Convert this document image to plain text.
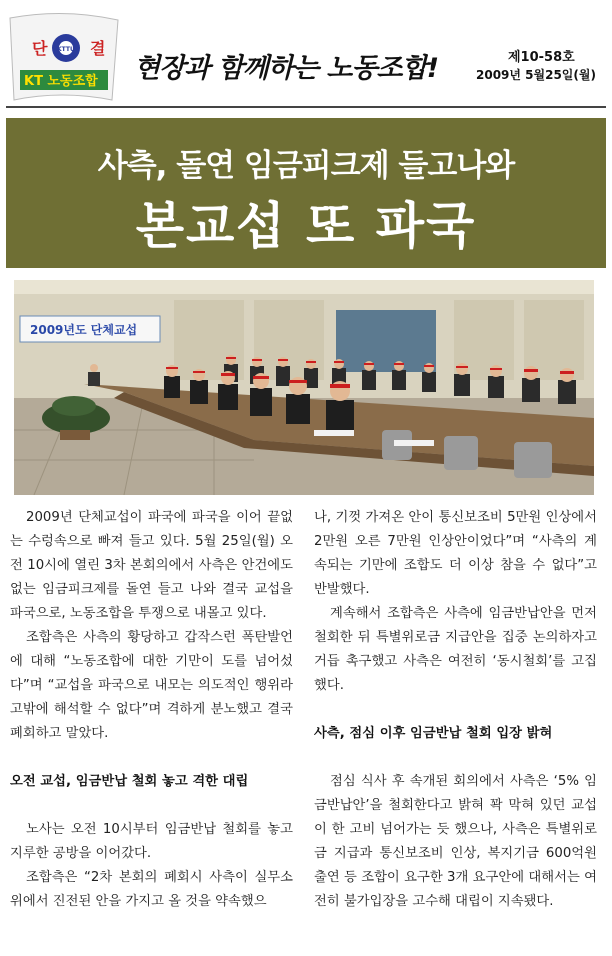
단	결
KTTU
KT 노동조합 현장과 함께하는 노동조합!	제10-58호
2009년 5월25일(월)
사측, 돌연 임금피크제 들고나와
본교섭 또 파국
2009년도 단체교섭

2009년 단체교섭이 파국에 파국을 이어 끝없는 수렁속으로 빠져 들고 있다. 5월 25일(월) 오전 10시에 열린 3차 본회의에서 사측은 안건에도 없는 임금피크제를 돌연 들고 나와 결국 교섭을 파국으로, 노동조합을 투쟁으로 내몰고 있다.

조합측은 사측의 황당하고 갑작스런 폭탄발언에 대해 “노동조합에 대한 기만이 도를 넘어섰다”며 “교섭을 파국으로 내모는 의도적인 행위라고밖에 해석할 수 없다”며 격하게 분노했고 결국 폐회하고 말았다.

오전 교섭, 임금반납 철회 놓고 격한 대립

노사는 오전 10시부터 임금반납 철회를 놓고 지루한 공방을 이어갔다.

조합측은 “2차 본회의 폐회시 사측이 실무소위에서 진전된 안을 가지고 올 것을 약속했으

나, 기껏 가져온 안이 통신보조비 5만원 인상에서 2만원 오른 7만원 인상안이었다”며 “사측의 계속되는 기만에 조합도 더 이상 참을 수 없다”고 반발했다.

계속해서 조합측은 사측에 임금반납안을 먼저 철회한 뒤 특별위로금 지급안을 집중 논의하자고 거듭 촉구했고 사측은 여전히 ‘동시철회’를 고집했다.

사측, 점심 이후 임금반납 철회 입장 밝혀

점심 식사 후 속개된 회의에서 사측은 ‘5% 임금반납안’을 철회한다고 밝혀 꽉 막혀 있던 교섭이 한 고비 넘어가는 듯 했으나, 사측은 특별위로금 지급과 통신보조비 인상, 복지기금 600억원 출연 등 조합이 요구한 3개 요구안에 대해서는 여전히 불가입장을 고수해 대립이 지속됐다.
